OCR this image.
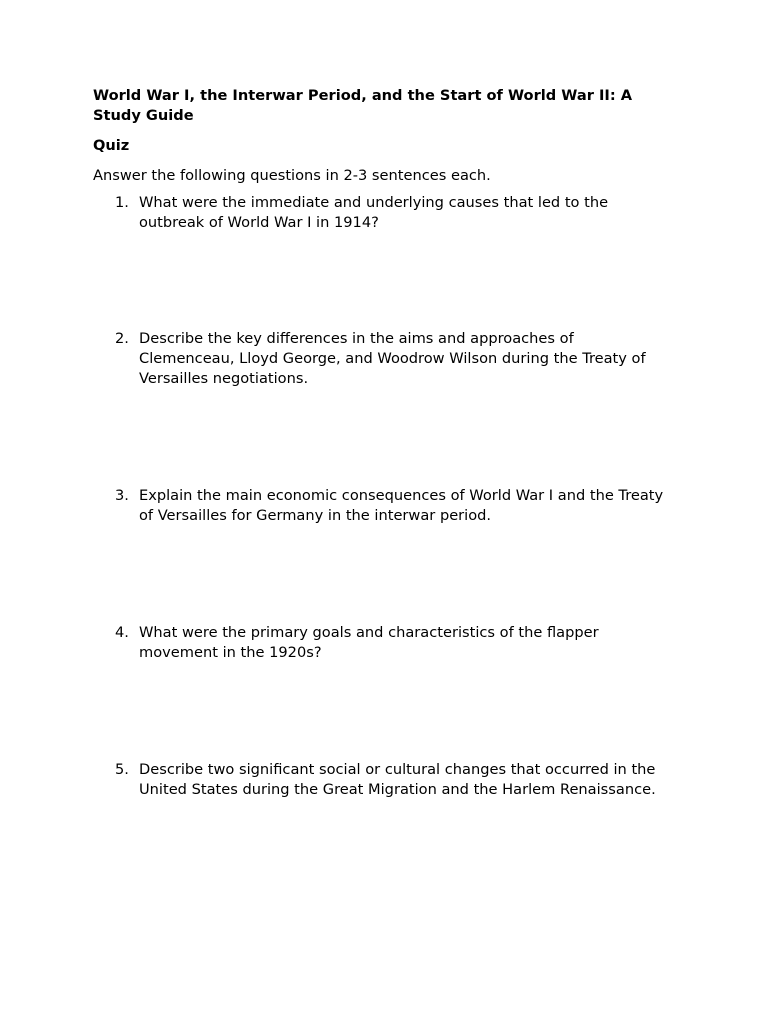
World War I, the Interwar Period, and the Start of World War II: A Study Guide
Quiz

Answer the following questions in 2-3 sentences each.

1. What were the immediate and underlying causes that led to the outbreak of World War I in 1914?
2. Describe the key differences in the aims and approaches of Clemenceau, Lloyd George, and Woodrow Wilson during the Treaty of Versailles negotiations.
3. Explain the main economic consequences of World War I and the Treaty of Versailles for Germany in the interwar period.
4. What were the primary goals and characteristics of the flapper movement in the 1920s?
5. Describe two significant social or cultural changes that occurred in the United States during the Great Migration and the Harlem Renaissance.
